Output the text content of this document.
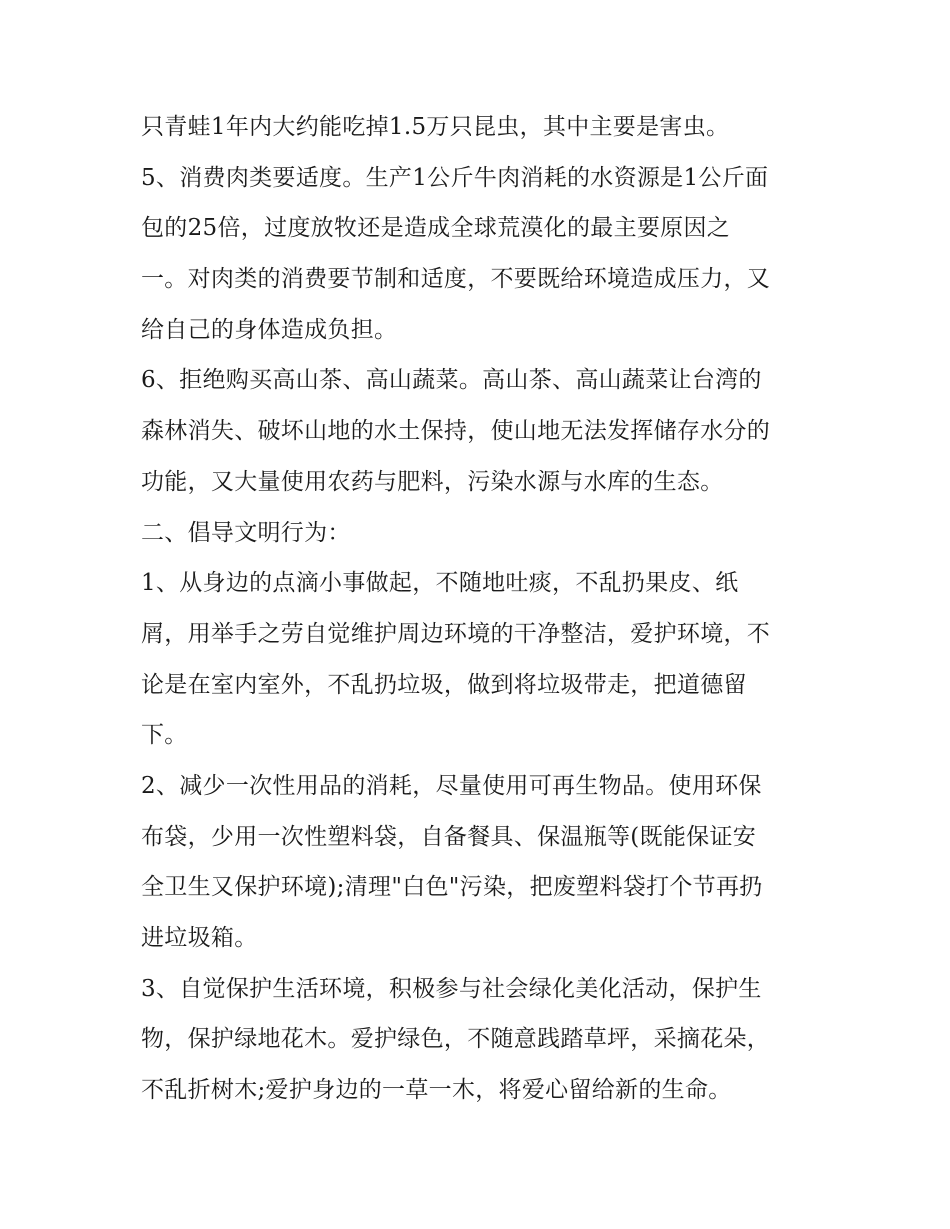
只青蛙1年内大约能吃掉1.5万只昆虫，其中主要是害虫。
5、消费肉类要适度。生产1公斤牛肉消耗的水资源是1公斤面
包的25倍，过度放牧还是造成全球荒漠化的最主要原因之
一。对肉类的消费要节制和适度，不要既给环境造成压力，又
给自己的身体造成负担。
6、拒绝购买高山茶、高山蔬菜。高山茶、高山蔬菜让台湾的
森林消失、破坏山地的水土保持，使山地无法发挥储存水分的
功能，又大量使用农药与肥料，污染水源与水库的生态。
二、倡导文明行为：
1、从身边的点滴小事做起，不随地吐痰，不乱扔果皮、纸
屑，用举手之劳自觉维护周边环境的干净整洁，爱护环境，不
论是在室内室外，不乱扔垃圾，做到将垃圾带走，把道德留
下。
2、减少一次性用品的消耗，尽量使用可再生物品。使用环保
布袋，少用一次性塑料袋，自备餐具、保温瓶等(既能保证安
全卫生又保护环境);清理"白色"污染，把废塑料袋打个节再扔
进垃圾箱。
3、自觉保护生活环境，积极参与社会绿化美化活动，保护生
物，保护绿地花木。爱护绿色，不随意践踏草坪，采摘花朵，
不乱折树木;爱护身边的一草一木，将爱心留给新的生命。
